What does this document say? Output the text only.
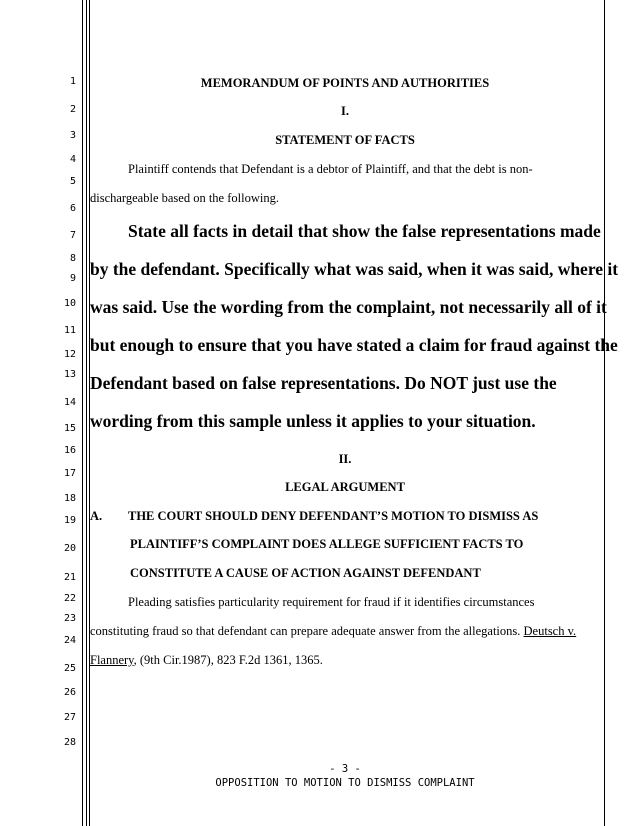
1
2
3
4
5
6
7
8
9
10
11
12
13
14
15
16
17
18
19
20
21
22
23
24
25
26
27
28
MEMORANDUM OF POINTS AND AUTHORITIES
I.
STATEMENT OF FACTS
Plaintiff contends that Defendant is a debtor of Plaintiff, and that the debt is non-
dischargeable based on the following.
State all facts in detail that show the false representations made
by the defendant. Specifically what was said, when it was said, where it
was said. Use the wording from the complaint, not necessarily all of it
but enough to ensure that you have stated a claim for fraud against the
Defendant based on false representations. Do NOT just use the
wording from this sample unless it applies to your situation.
II.
LEGAL ARGUMENT
A. THE COURT SHOULD DENY DEFENDANT’S MOTION TO DISMISS AS
PLAINTIFF’S COMPLAINT DOES ALLEGE SUFFICIENT FACTS TO
CONSTITUTE A CAUSE OF ACTION AGAINST DEFENDANT
Pleading satisfies particularity requirement for fraud if it identifies circumstances
constituting fraud so that defendant can prepare adequate answer from the allegations. Deutsch v.
Flannery, (9th Cir.1987), 823 F.2d 1361, 1365.
- 3 -
OPPOSITION TO MOTION TO DISMISS COMPLAINT
